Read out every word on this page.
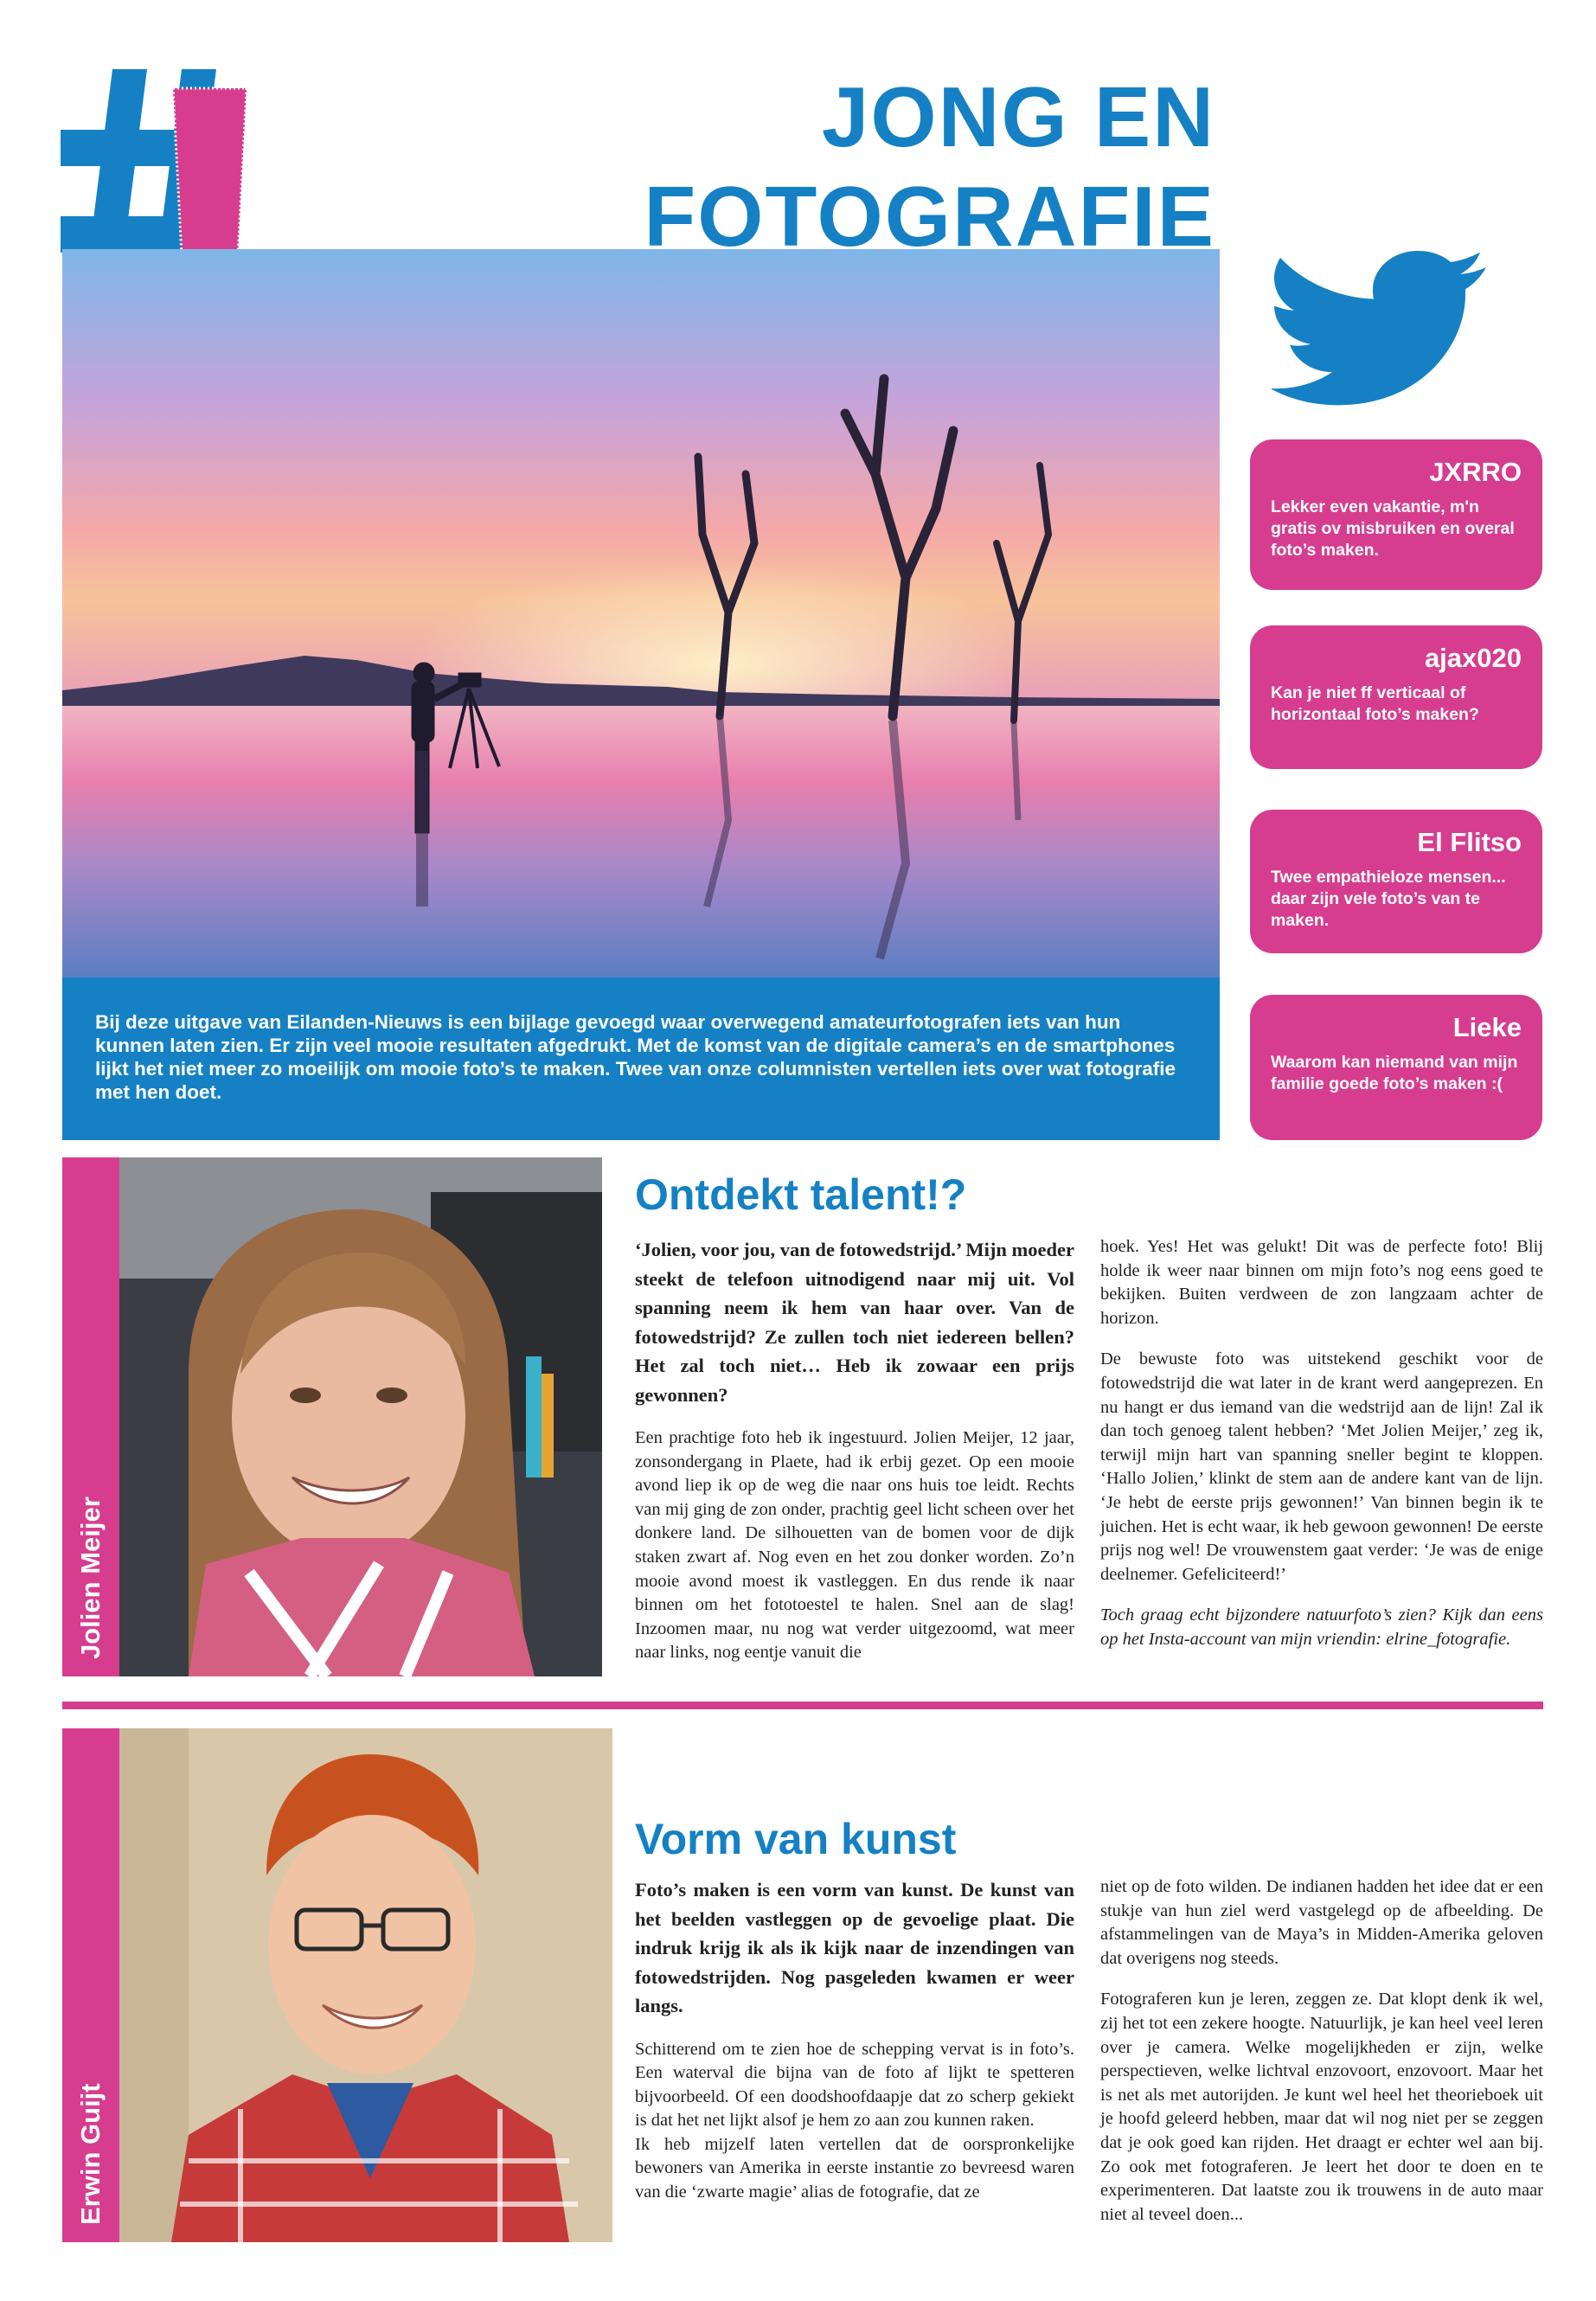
JONG EN
FOTOGRAFIE
Bij deze uitgave van Eilanden-Nieuws is een bijlage gevoegd waar overwegend amateurfotografen iets van hun kunnen laten zien. Er zijn veel mooie resultaten afgedrukt. Met de komst van de digitale camera’s en de smartphones lijkt het niet meer zo moeilijk om mooie foto’s te maken. Twee van onze columnisten vertellen iets over wat fotografie met hen doet.
JXRRO
Lekker even vakantie, m'n gratis ov misbruiken en overal foto’s maken.
ajax020
Kan je niet ff verticaal of horizontaal foto’s maken?
El Flitso
Twee empathieloze mensen... daar zijn vele foto’s van te maken.
Lieke
Waarom kan niemand van mijn familie goede foto’s maken :(
Jolien Meijer
Ontdekt talent!?

‘Jolien, voor jou, van de fotowedstrijd.’ Mijn moeder steekt de telefoon uitnodigend naar mij uit. Vol spanning neem ik hem van haar over. Van de fotowedstrijd? Ze zullen toch niet iedereen bellen? Het zal toch niet… Heb ik zowaar een prijs gewonnen?

Een prachtige foto heb ik ingestuurd. Jolien Meijer, 12 jaar, zonsondergang in Plaete, had ik erbij gezet. Op een mooie avond liep ik op de weg die naar ons huis toe leidt. Rechts van mij ging de zon onder, prachtig geel licht scheen over het donkere land. De silhouetten van de bomen voor de dijk staken zwart af. Nog even en het zou donker worden. Zo’n mooie avond moest ik vastleggen. En dus rende ik naar binnen om het fototoestel te halen. Snel aan de slag! Inzoomen maar, nu nog wat verder uitgezoomd, wat meer naar links, nog eentje vanuit die

hoek. Yes! Het was gelukt! Dit was de perfecte foto! Blij holde ik weer naar binnen om mijn foto’s nog eens goed te bekijken. Buiten verdween de zon langzaam achter de horizon.

De bewuste foto was uitstekend geschikt voor de fotowedstrijd die wat later in de krant werd aangeprezen. En nu hangt er dus iemand van die wedstrijd aan de lijn! Zal ik dan toch genoeg talent hebben? ‘Met Jolien Meijer,’ zeg ik, terwijl mijn hart van spanning sneller begint te kloppen. ‘Hallo Jolien,’ klinkt de stem aan de andere kant van de lijn. ‘Je hebt de eerste prijs gewonnen!’ Van binnen begin ik te juichen. Het is echt waar, ik heb gewoon gewonnen! De eerste prijs nog wel! De vrouwenstem gaat verder: ‘Je was de enige deelnemer. Gefeliciteerd!’

Toch graag echt bijzondere natuurfoto’s zien? Kijk dan eens op het Insta-account van mijn vriendin: elrine_fotografie.

Erwin Guijt
Vorm van kunst

Foto’s maken is een vorm van kunst. De kunst van het beelden vastleggen op de gevoelige plaat. Die indruk krijg ik als ik kijk naar de inzendingen van fotowedstrijden. Nog pasgeleden kwamen er weer langs.

Schitterend om te zien hoe de schepping vervat is in foto’s. Een waterval die bijna van de foto af lijkt te spetteren bijvoorbeeld. Of een doodshoofdaapje dat zo scherp gekiekt is dat het net lijkt alsof je hem zo aan zou kunnen raken.

Ik heb mijzelf laten vertellen dat de oorspronkelijke bewoners van Amerika in eerste instantie zo bevreesd waren van die ‘zwarte magie’ alias de fotografie, dat ze

niet op de foto wilden. De indianen hadden het idee dat er een stukje van hun ziel werd vastgelegd op de afbeelding. De afstammelingen van de Maya’s in Midden-Amerika geloven dat overigens nog steeds.

Fotograferen kun je leren, zeggen ze. Dat klopt denk ik wel, zij het tot een zekere hoogte. Natuurlijk, je kan heel veel leren over je camera. Welke mogelijkheden er zijn, welke perspectieven, welke lichtval enzovoort, enzovoort. Maar het is net als met autorijden. Je kunt wel heel het theorieboek uit je hoofd geleerd hebben, maar dat wil nog niet per se zeggen dat je ook goed kan rijden. Het draagt er echter wel aan bij. Zo ook met fotograferen. Je leert het door te doen en te experimenteren. Dat laatste zou ik trouwens in de auto maar niet al teveel doen...
